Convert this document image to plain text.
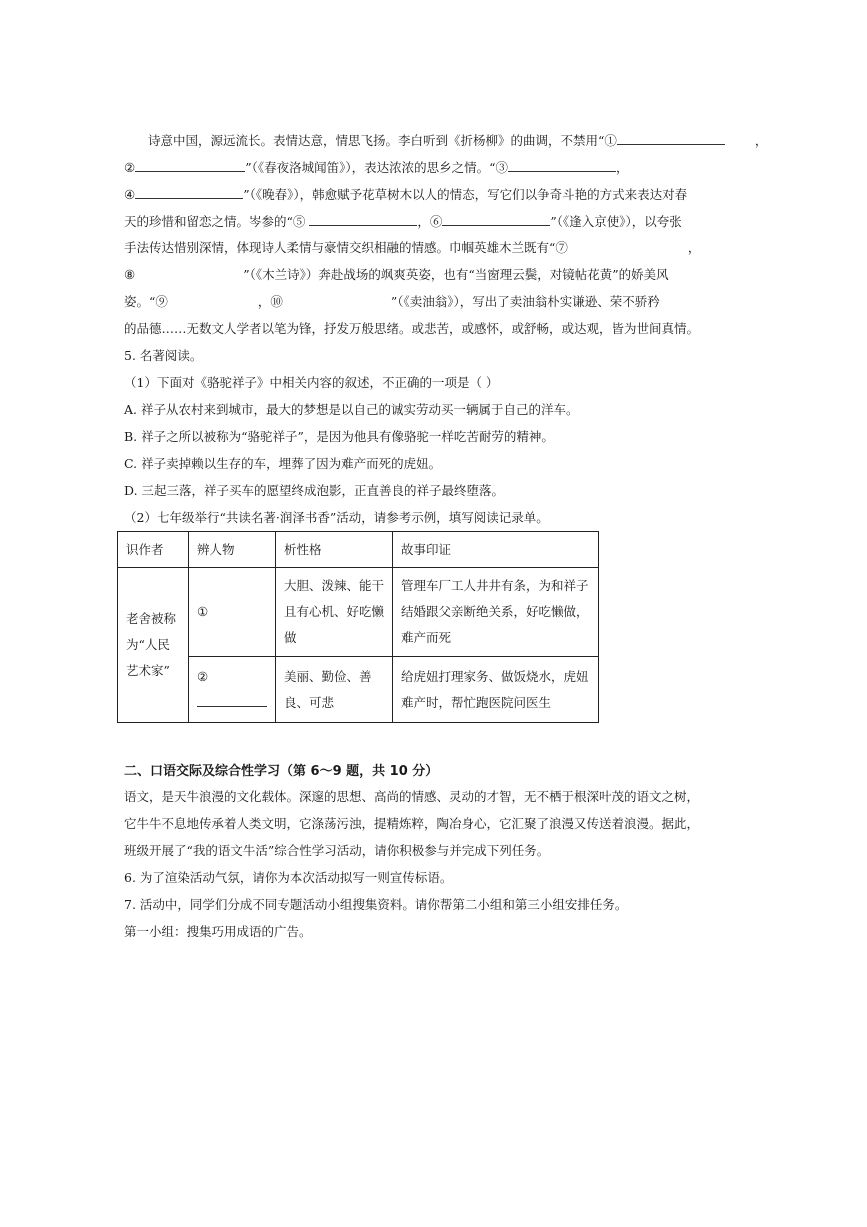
诗意中国，源远流长。表情达意，情思飞扬。李白听到《折杨柳》的曲调，不禁用“①	，
②	”（《春夜洛城闻笛》），表达浓浓的思乡之情。“③	，
④	”（《晚春》），韩愈赋予花草树木以人的情态，写它们以争奇斗艳的方式来表达对春
天的珍惜和留恋之情。岑参的“⑤	，⑥	”（《逢入京使》），以夸张
手法传达惜别深情，体现诗人柔情与豪情交织相融的情感。巾帼英雄木兰既有“⑦	，
⑧	”（《木兰诗》）奔赴战场的飒爽英姿，也有“当窗理云鬓，对镜帖花黄”的娇美风
姿。“⑨	，⑩	”（《卖油翁》），写出了卖油翁朴实谦逊、荣不骄矜
的品德……无数文人学者以笔为锋，抒发万般思绪。或悲苦，或感怀，或舒畅，或达观，皆为世间真情。
5. 名著阅读。
（1）下面对《骆驼祥子》中相关内容的叙述，不正确的一项是（ ）
A. 祥子从农村来到城市，最大的梦想是以自己的诚实劳动买一辆属于自己的洋车。
B. 祥子之所以被称为“骆驼祥子”，是因为他具有像骆驼一样吃苦耐劳的精神。
C. 祥子卖掉赖以生存的车，埋葬了因为难产而死的虎妞。
D. 三起三落，祥子买车的愿望终成泡影，正直善良的祥子最终堕落。
（2）七年级举行“共读名著·润泽书香”活动，请参考示例，填写阅读记录单。
识作者	辨人物	析性格	故事印证
老舍被称为“人民艺术家”	①	大胆、泼辣、能干且有心机、好吃懒做	管理车厂工人井井有条，为和祥子结婚跟父亲断绝关系，好吃懒做，难产而死
	②	美丽、勤俭、善良、可悲	给虎妞打理家务、做饭烧水，虎妞难产时，帮忙跑医院问医生
二、口语交际及综合性学习（第 6～9 题，共 10 分）
语文，是天牛浪漫的文化载体。深邃的思想、高尚的情感、灵动的才智，无不栖于根深叶茂的语文之树，
它牛牛不息地传承着人类文明，它涤荡污浊，提精炼粹，陶冶身心，它汇聚了浪漫又传送着浪漫。据此，
班级开展了“我的语文牛活”综合性学习活动，请你积极参与并完成下列任务。
6. 为了渲染活动气氛，请你为本次活动拟写一则宣传标语。
7. 活动中，同学们分成不同专题活动小组搜集资料。请你帮第二小组和第三小组安排任务。
第一小组：搜集巧用成语的广告。
